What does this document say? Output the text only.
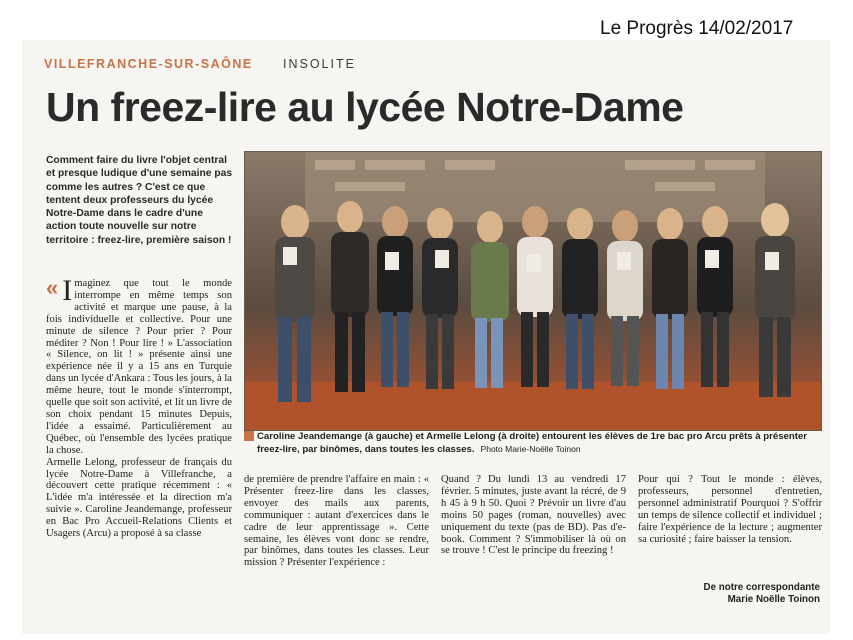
Le Progrès 14/02/2017
VILLEFRANCHE-SUR-SAÔNE INSOLITE
Un freez-lire au lycée Notre-Dame
Comment faire du livre l'objet central et presque ludique d'une semaine pas comme les autres ? C'est ce que tentent deux professeurs du lycée Notre-Dame dans le cadre d'une action toute nouvelle sur notre territoire : freez-lire, première saison !
Caroline Jeandemange (à gauche) et Armelle Lelong (à droite) entourent les élèves de 1re bac pro Arcu prêts à présenter freez-lire, par binômes, dans toutes les classes. Photo Marie-Noëlle Toinon
« I maginez que tout le monde interrompe en même temps son activité et marque une pause, à la fois individuelle et collective. Pour une minute de silence ? Pour prier ? Pour méditer ? Non ! Pour lire ! » L'association « Silence, on lit ! » présente ainsi une expérience née il y a 15 ans en Turquie dans un lycée d'Ankara : Tous les jours, à la même heure, tout le monde s'interrompt, quelle que soit son activité, et lit un livre de son choix pendant 15 minutes Depuis, l'idée a essaimé. Particulièrement au Québec, où l'ensemble des lycées pratique la chose.

Armelle Lelong, professeur de français du lycée Notre-Dame à Villefranche, a découvert cette pratique récemment : « L'idée m'a intéressée et la direction m'a suivie ». Caroline Jeandemange, professeur en Bac Pro Accueil-Relations Clients et Usagers (Arcu) a proposé à sa classe

de première de prendre l'affaire en main : « Présenter freez-lire dans les classes, envoyer des mails aux parents, communiquer : autant d'exercices dans le cadre de leur apprentissage ». Cette semaine, les élèves vont donc se rendre, par binômes, dans toutes les classes. Leur mission ? Présenter l'expérience :

Quand ? Du lundi 13 au vendredi 17 février. 5 minutes, juste avant la récré, de 9 h 45 à 9 h 50. Quoi ? Prévoir un livre d'au moins 50 pages (roman, nouvelles) avec uniquement du texte (pas de BD). Pas d'e-book. Comment ? S'immobiliser là où on se trouve ! C'est le principe du freezing !

Pour qui ? Tout le monde : élèves, professeurs, personnel d'entretien, personnel administratif Pourquoi ? S'offrir un temps de silence collectif et individuel ; faire l'expérience de la lecture ; augmenter sa curiosité ; faire baisser la tension.

De notre correspondante
Marie Noëlle Toinon
